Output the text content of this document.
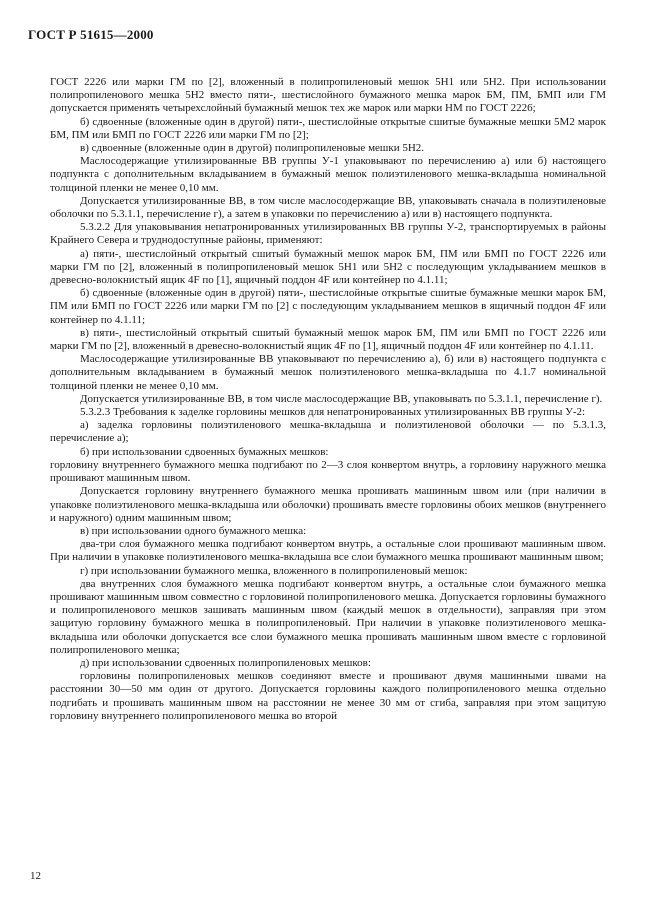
ГОСТ Р 51615—2000

ГОСТ 2226 или марки ГМ по [2], вложенный в полипропиленовый мешок 5Н1 или 5Н2. При использовании полипропиленового мешка 5Н2 вместо пяти-, шестислойного бумажного мешка марок БМ, ПМ, БМП или ГМ допускается применять четырехслойный бумажный мешок тех же марок или марки НМ по ГОСТ 2226;

б) сдвоенные (вложенные один в другой) пяти-, шестислойные открытые сшитые бумажные мешки 5М2 марок БМ, ПМ или БМП по ГОСТ 2226 или марки ГМ по [2];

в) сдвоенные (вложенные один в другой) полипропиленовые мешки 5Н2.

Маслосодержащие утилизированные ВВ группы У-1 упаковывают по перечислению а) или б) настоящего подпункта с дополнительным вкладыванием в бумажный мешок полиэтиленового мешка-вкладыша номинальной толщиной пленки не менее 0,10 мм.

Допускается утилизированные ВВ, в том числе маслосодержащие ВВ, упаковывать сначала в полиэтиленовые оболочки по 5.3.1.1, перечисление г), а затем в упаковки по перечислению а) или в) настоящего подпункта.

5.3.2.2 Для упаковывания непатронированных утилизированных ВВ группы У-2, транспортируемых в районы Крайнего Севера и труднодоступные районы, применяют:

а) пяти-, шестислойный открытый сшитый бумажный мешок марок БМ, ПМ или БМП по ГОСТ 2226 или марки ГМ по [2], вложенный в полипропиленовый мешок 5Н1 или 5Н2 с последующим укладыванием мешков в древесно-волокнистый ящик 4F по [1], ящичный поддон 4F или контейнер по 4.1.11;

б) сдвоенные (вложенные один в другой) пяти-, шестислойные открытые сшитые бумажные мешки марок БМ, ПМ или БМП по ГОСТ 2226 или марки ГМ по [2] с последующим укладыванием мешков в ящичный поддон 4F или контейнер по 4.1.11;

в) пяти-, шестислойный открытый сшитый бумажный мешок марок БМ, ПМ или БМП по ГОСТ 2226 или марки ГМ по [2], вложенный в древесно-волокнистый ящик 4F по [1], ящичный поддон 4F или контейнер по 4.1.11.

Маслосодержащие утилизированные ВВ упаковывают по перечислению а), б) или в) настоящего подпункта с дополнительным вкладыванием в бумажный мешок полиэтиленового мешка-вкладыша по 4.1.7 номинальной толщиной пленки не менее 0,10 мм.

Допускается утилизированные ВВ, в том числе маслосодержащие ВВ, упаковывать по 5.3.1.1, перечисление г).

5.3.2.3 Требования к заделке горловины мешков для непатронированных утилизированных ВВ группы У-2:

а) заделка горловины полиэтиленового мешка-вкладыша и полиэтиленовой оболочки — по 5.3.1.3, перечисление а);

б) при использовании сдвоенных бумажных мешков:

горловину внутреннего бумажного мешка подгибают по 2—3 слоя конвертом внутрь, а горловину наружного мешка прошивают машинным швом.

Допускается горловину внутреннего бумажного мешка прошивать машинным швом или (при наличии в упаковке полиэтиленового мешка-вкладыша или оболочки) прошивать вместе горловины обоих мешков (внутреннего и наружного) одним машинным швом;

в) при использовании одного бумажного мешка:

два-три слоя бумажного мешка подгибают конвертом внутрь, а остальные слои прошивают машинным швом. При наличии в упаковке полиэтиленового мешка-вкладыша все слои бумажного мешка прошивают машинным швом;

г) при использовании бумажного мешка, вложенного в полипропиленовый мешок:

два внутренних слоя бумажного мешка подгибают конвертом внутрь, а остальные слои бумажного мешка прошивают машинным швом совместно с горловиной полипропиленового мешка. Допускается горловины бумажного и полипропиленового мешков зашивать машинным швом (каждый мешок в отдельности), заправляя при этом защитую горловину бумажного мешка в полипропиленовый. При наличии в упаковке полиэтиленового мешка-вкладыша или оболочки допускается все слои бумажного мешка прошивать машинным швом вместе с горловиной полипропиленового мешка;

д) при использовании сдвоенных полипропиленовых мешков:

горловины полипропиленовых мешков соединяют вместе и прошивают двумя машинными швами на расстоянии 30—50 мм один от другого. Допускается горловины каждого полипропиленового мешка отдельно подгибать и прошивать машинным швом на расстоянии не менее 30 мм от сгиба, заправляя при этом защитую горловину внутреннего полипропиленового мешка во второй

12
